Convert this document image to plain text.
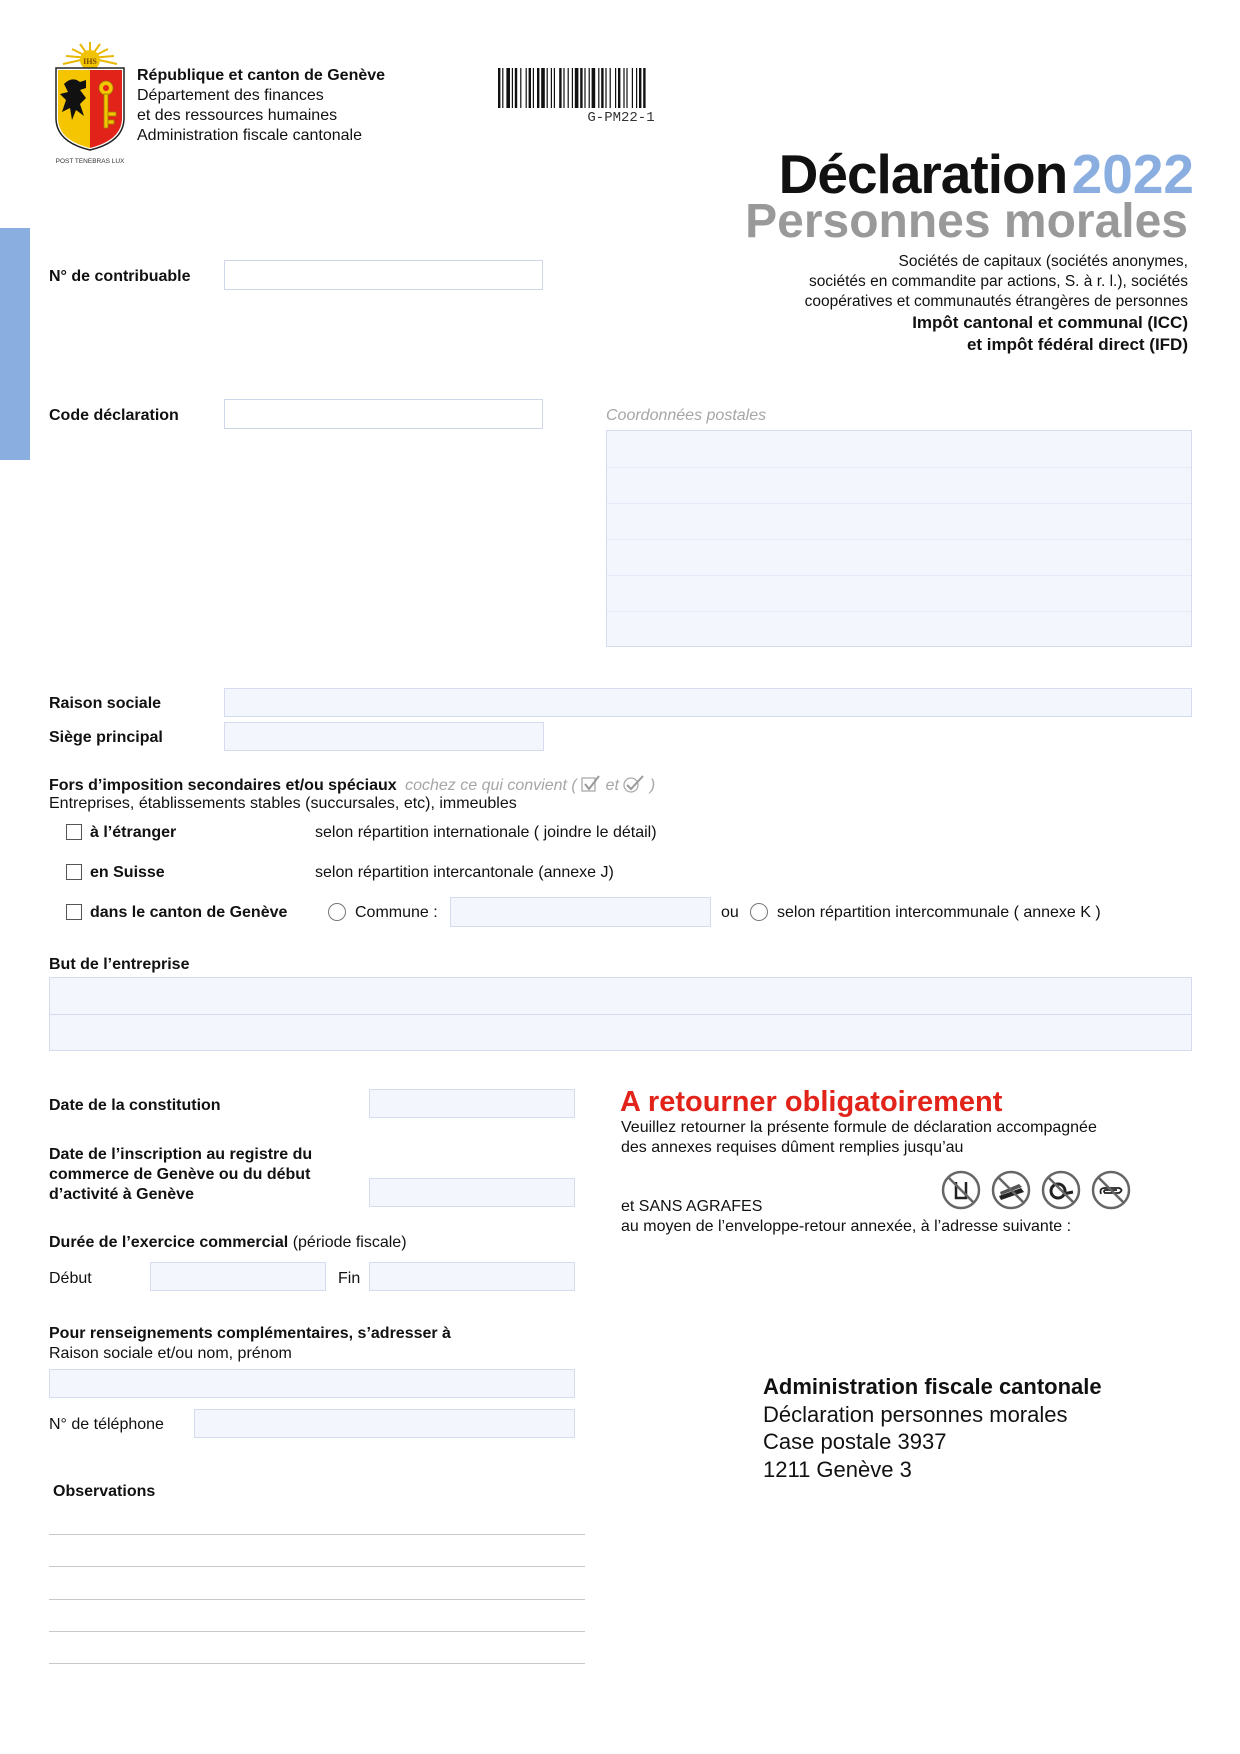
IHS
POST TENEBRAS LUX
République et canton de Genève
Département des finances
et des ressources humaines
Administration fiscale cantonale
G-PM22-1
Déclaration 2022
Personnes morales
Sociétés de capitaux (sociétés anonymes,
sociétés en commandite par actions, S. à r. l.), sociétés
coopératives et communautés étrangères de personnes
Impôt cantonal et communal (ICC)
et impôt fédéral direct (IFD)
N° de contribuable
Code déclaration	Coordonnées postales
Raison sociale
Siège principal
Fors d’imposition secondaires et/ou spéciaux cochez ce qui convient ( et )
Entreprises, établissements stables (succursales, etc), immeubles
à l’étranger	selon répartition internationale ( joindre le détail)
en Suisse	selon répartition intercantonale (annexe J)
dans le canton de Genève	Commune :	ou selon répartition intercommunale ( annexe K )
But de l’entreprise
Date de la constitution
Date de l’inscription au registre du
commerce de Genève ou du début
d’activité à Genève
Durée de l’exercice commercial (période fiscale)
Début	Fin
Pour renseignements complémentaires, s’adresser à
Raison sociale et/ou nom, prénom
N° de téléphone
Observations
A retourner obligatoirement
Veuillez retourner la présente formule de déclaration accompagnée
des annexes requises dûment remplies jusqu’au
et SANS AGRAFES
au moyen de l’enveloppe-retour annexée, à l’adresse suivante :
Administration fiscale cantonale
Déclaration personnes morales
Case postale 3937
1211 Genève 3
